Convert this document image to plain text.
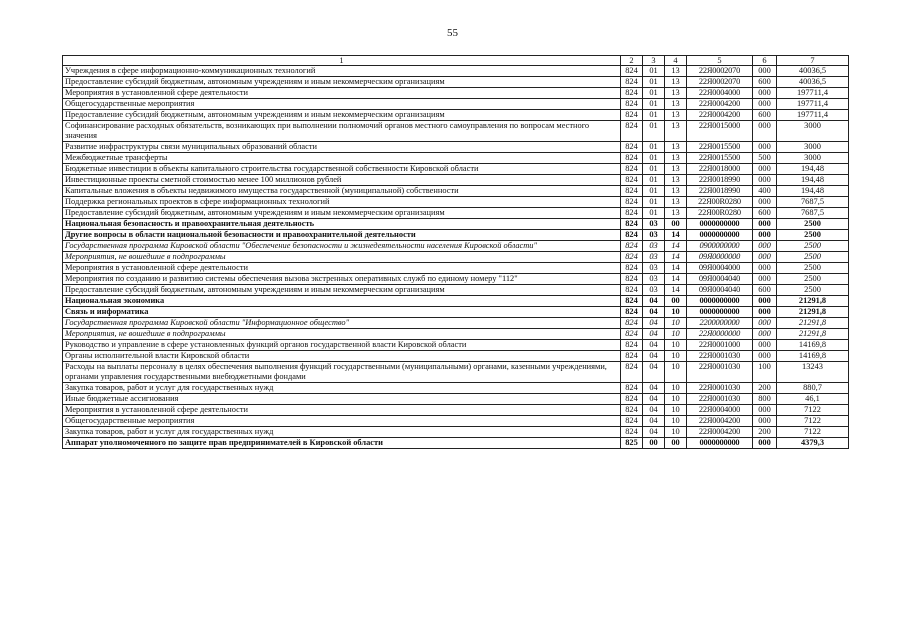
55
1	2	3	4	5	6	7
Учреждения в сфере информационно-коммуникационных технологий	824	01	13	22Я0002070	000	40036,5
Предоставление субсидий бюджетным, автономным учреждениям и иным некоммерческим организациям	824	01	13	22Я0002070	600	40036,5
Мероприятия в установленной сфере деятельности	824	01	13	22Я0004000	000	197711,4
Общегосударственные мероприятия	824	01	13	22Я0004200	000	197711,4
Предоставление субсидий бюджетным, автономным учреждениям и иным некоммерческим организациям	824	01	13	22Я0004200	600	197711,4
Софинансирование расходных обязательств, возникающих при выполнении полномочий органов местного самоуправления по вопросам местного значения	824	01	13	22Я0015000	000	3000
Развитие инфраструктуры связи муниципальных образований области	824	01	13	22Я0015500	000	3000
Межбюджетные трансферты	824	01	13	22Я0015500	500	3000
Бюджетные инвестиции в объекты капитального строительства государственной собственности Кировской области	824	01	13	22Я0018000	000	194,48
Инвестиционные проекты сметной стоимостью менее 100 миллионов рублей	824	01	13	22Я0018990	000	194,48
Капитальные вложения в объекты недвижимого имущества государственной (муниципальной) собственности	824	01	13	22Я0018990	400	194,48
Поддержка региональных проектов в сфере информационных технологий	824	01	13	22Я00R0280	000	7687,5
Предоставление субсидий бюджетным, автономным учреждениям и иным некоммерческим организациям	824	01	13	22Я00R0280	600	7687,5
Национальная безопасность и правоохранительная деятельность	824	03	00	0000000000	000	2500
Другие вопросы в области национальной безопасности и правоохранительной деятельности	824	03	14	0000000000	000	2500
Государственная программа Кировской области "Обеспечение безопасности и жизнедеятельности населения Кировской области"	824	03	14	0900000000	000	2500
Мероприятия, не вошедшие в подпрограммы	824	03	14	09Я0000000	000	2500
Мероприятия в установленной сфере деятельности	824	03	14	09Я0004000	000	2500
Мероприятия по созданию и развитию системы обеспечения вызова экстренных оперативных служб по единому номеру "112"	824	03	14	09Я0004040	000	2500
Предоставление субсидий бюджетным, автономным учреждениям и иным некоммерческим организациям	824	03	14	09Я0004040	600	2500
Национальная экономика	824	04	00	0000000000	000	21291,8
Связь и информатика	824	04	10	0000000000	000	21291,8
Государственная программа Кировской области "Информационное общество"	824	04	10	2200000000	000	21291,8
Мероприятия, не вошедшие в подпрограммы	824	04	10	22Я0000000	000	21291,8
Руководство и управление в сфере установленных функций органов государственной власти Кировской области	824	04	10	22Я0001000	000	14169,8
Органы исполнительной власти Кировской области	824	04	10	22Я0001030	000	14169,8
Расходы на выплаты персоналу в целях обеспечения выполнения функций государственными (муниципальными) органами, казенными учреждениями, органами управления государственными внебюджетными фондами	824	04	10	22Я0001030	100	13243
Закупка товаров, работ и услуг для государственных нужд	824	04	10	22Я0001030	200	880,7
Иные бюджетные ассигнования	824	04	10	22Я0001030	800	46,1
Мероприятия в установленной сфере деятельности	824	04	10	22Я0004000	000	7122
Общегосударственные мероприятия	824	04	10	22Я0004200	000	7122
Закупка товаров, работ и услуг для государственных нужд	824	04	10	22Я0004200	200	7122
Аппарат уполномоченного по защите прав предпринимателей в Кировской области	825	00	00	0000000000	000	4379,3
